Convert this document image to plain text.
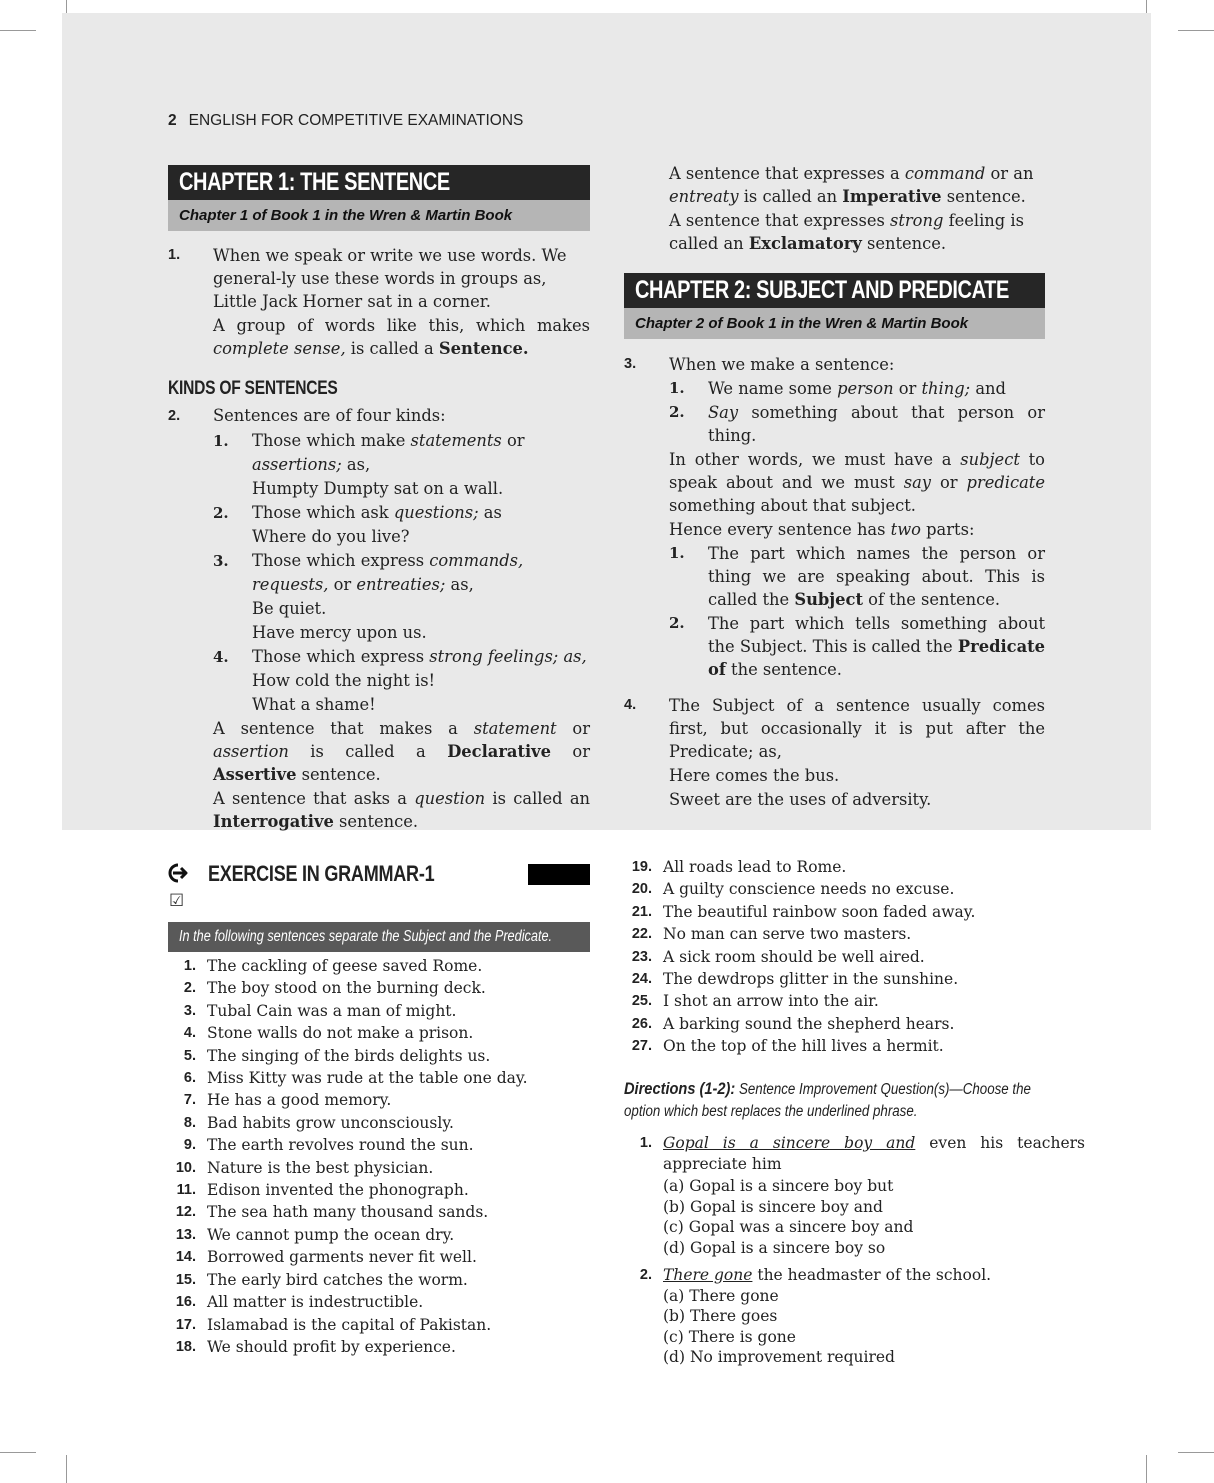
2 ENGLISH FOR COMPETITIVE EXAMINATIONS
CHAPTER 1: THE SENTENCE
Chapter 1 of Book 1 in the Wren & Martin Book
1. When we speak or write we use words. We general-ly use these words in groups as, Little Jack Horner sat in a corner.
A group of words like this, which makes complete sense, is called a Sentence.
KINDS OF SENTENCES
2. Sentences are of four kinds:
1. Those which make statements or assertions; as,
Humpty Dumpty sat on a wall.
2. Those which ask questions; as
Where do you live?
3. Those which express commands, requests, or entreaties; as,
Be quiet.
Have mercy upon us.
4. Those which express strong feelings; as,
How cold the night is!
What a shame!
A sentence that makes a statement or assertion is called a Declarative or Assertive sentence.
A sentence that asks a question is called an Interrogative sentence.
A sentence that expresses a command or an entreaty is called an Imperative sentence.
A sentence that expresses strong feeling is called an Exclamatory sentence.
CHAPTER 2: SUBJECT AND PREDICATE
Chapter 2 of Book 1 in the Wren & Martin Book
3. When we make a sentence:
1. We name some person or thing; and
2. Say something about that person or thing.
In other words, we must have a subject to speak about and we must say or predicate something about that subject.
Hence every sentence has two parts:
1. The part which names the person or thing we are speaking about. This is called the Subject of the sentence.
2. The part which tells something about the Subject. This is called the Predicate of the sentence.
4. The Subject of a sentence usually comes first, but occasionally it is put after the Predicate; as,
Here comes the bus.
Sweet are the uses of adversity.
EXERCISE IN GRAMMAR-1
☑
In the following sentences separate the Subject and the Predicate.
1. The cackling of geese saved Rome.
2. The boy stood on the burning deck.
3. Tubal Cain was a man of might.
4. Stone walls do not make a prison.
5. The singing of the birds delights us.
6. Miss Kitty was rude at the table one day.
7. He has a good memory.
8. Bad habits grow unconsciously.
9. The earth revolves round the sun.
10. Nature is the best physician.
11. Edison invented the phonograph.
12. The sea hath many thousand sands.
13. We cannot pump the ocean dry.
14. Borrowed garments never fit well.
15. The early bird catches the worm.
16. All matter is indestructible.
17. Islamabad is the capital of Pakistan.
18. We should profit by experience.
19. All roads lead to Rome.
20. A guilty conscience needs no excuse.
21. The beautiful rainbow soon faded away.
22. No man can serve two masters.
23. A sick room should be well aired.
24. The dewdrops glitter in the sunshine.
25. I shot an arrow into the air.
26. A barking sound the shepherd hears.
27. On the top of the hill lives a hermit.
Directions (1-2): Sentence Improvement Question(s)—Choose the option which best replaces the underlined phrase.
1. Gopal is a sincere boy and even his teachers appreciate him
(a) Gopal is a sincere boy but
(b) Gopal is sincere boy and
(c) Gopal was a sincere boy and
(d) Gopal is a sincere boy so
2. There gone the headmaster of the school.
(a) There gone
(b) There goes
(c) There is gone
(d) No improvement required
